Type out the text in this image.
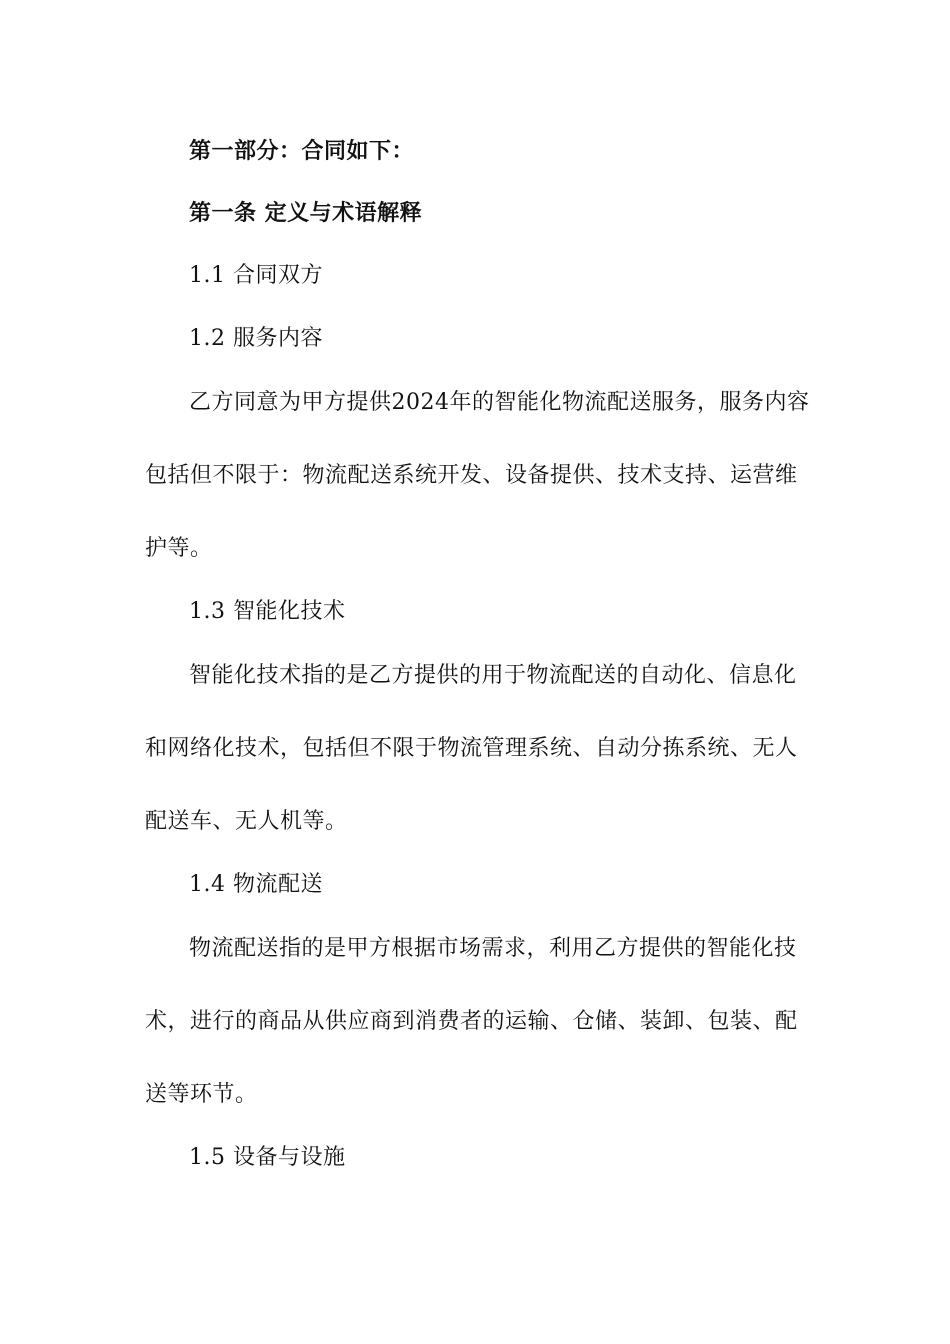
第一部分：合同如下：
第一条 定义与术语解释
1.1 合同双方
1.2 服务内容
乙方同意为甲方提供2024年的智能化物流配送服务，服务内容
包括但不限于：物流配送系统开发、设备提供、技术支持、运营维
护等。
1.3 智能化技术
智能化技术指的是乙方提供的用于物流配送的自动化、信息化
和网络化技术，包括但不限于物流管理系统、自动分拣系统、无人
配送车、无人机等。
1.4 物流配送
物流配送指的是甲方根据市场需求，利用乙方提供的智能化技
术，进行的商品从供应商到消费者的运输、仓储、装卸、包装、配
送等环节。
1.5 设备与设施
